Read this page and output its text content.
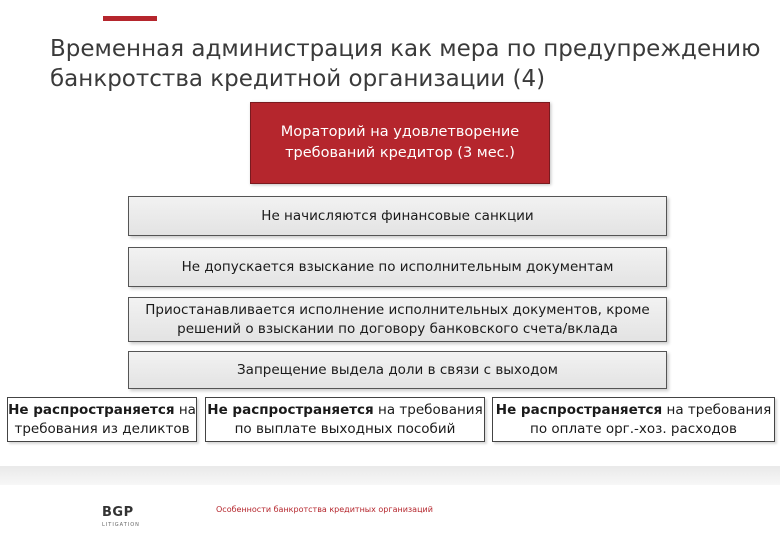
Временная администрация как мера по предупреждению
банкротства кредитной организации (4)
Мораторий на удовлетворение
требований кредитор (3 мес.)
Не начисляются финансовые санкции
Не допускается взыскание по исполнительным документам
Приостанавливается исполнение исполнительных документов, кроме
решений о взыскании по договору банковского счета/вклада
Запрещение выдела доли в связи с выходом
Не распространяется на
требования из деликтов
Не распространяется на требования
по выплате выходных пособий
Не распространяется на требования
по оплате орг.-хоз. расходов
BGP
LITIGATION
Особенности банкротства кредитных организаций
